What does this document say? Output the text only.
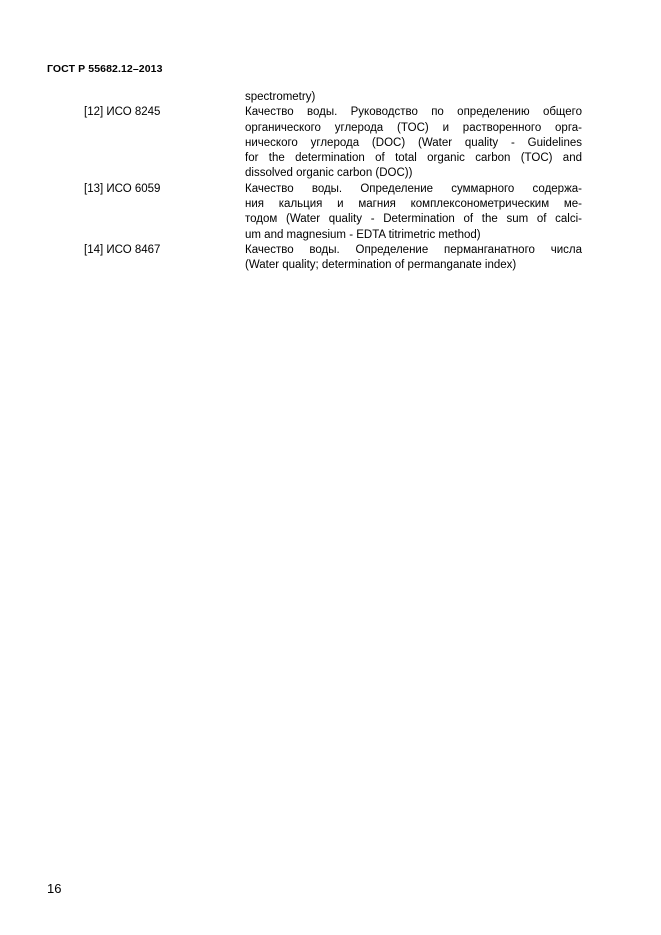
ГОСТ Р 55682.12–2013
spectrometry)
[12] ИСО 8245	Качество воды. Руководство по определению общего
органического углерода (TOC) и растворенного орга-
нического углерода (DOC) (Water quality - Guidelines
for the determination of total organic carbon (TOC) and
dissolved organic carbon (DOC))
[13] ИСО 6059	Качество воды. Определение суммарного содержа-
ния кальция и магния комплексонометрическим ме-
тодом (Water quality - Determination of the sum of calci-
um and magnesium - EDTA titrimetric method)
[14] ИСО 8467	Качество воды. Определение перманганатного числа
(Water quality; determination of permanganate index)
16
